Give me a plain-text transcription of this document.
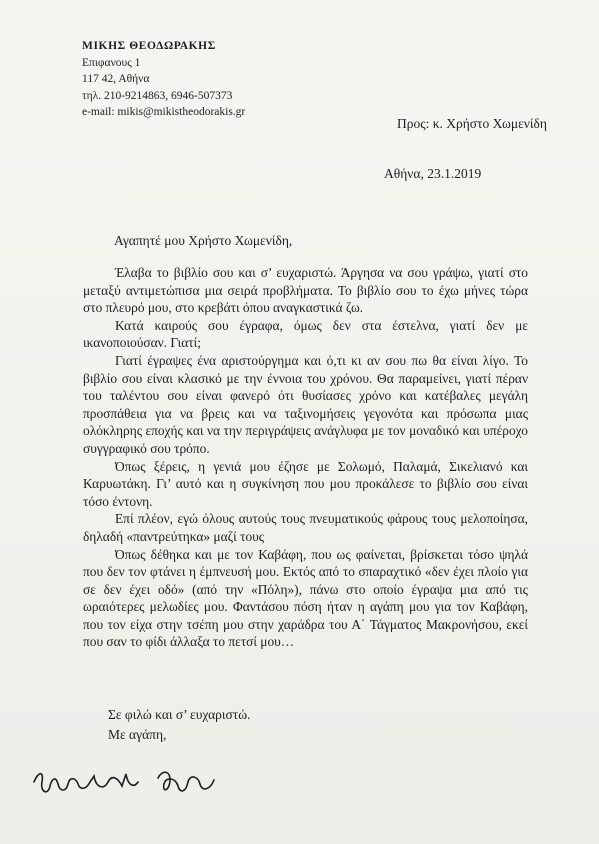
ΜΙΚΗΣ ΘΕΟΔΩΡΑΚΗΣ
Επιφανους 1
117 42, Αθήνα
τηλ. 210-9214863, 6946-507373
e-mail: mikis@mikistheodorakis.gr
Προς: κ. Χρήστο Χωμενίδη
Αθήνα, 23.1.2019
Αγαπητέ μου Χρήστο Χωμενίδη,

Έλαβα το βιβλίο σου και σ’ ευχαριστώ. Άργησα να σου γράψω, γιατί στο μεταξύ αντιμετώπισα μια σειρά προβλήματα. Το βιβλίο σου το έχω μήνες τώρα στο πλευρό μου, στο κρεβάτι όπου αναγκαστικά ζω.

Κατά καιρούς σου έγραφα, όμως δεν στα έστελνα, γιατί δεν με ικανοποιούσαν. Γιατί;

Γιατί έγραψες ένα αριστούργημα και ό,τι κι αν σου πω θα είναι λίγο. Το βιβλίο σου είναι κλασικό με την έννοια του χρόνου. Θα παραμείνει, γιατί πέραν του ταλέντου σου είναι φανερό ότι θυσίασες χρόνο και κατέβαλες μεγάλη προσπάθεια για να βρεις και να ταξινομήσεις γεγονότα και πρόσωπα μιας ολόκληρης εποχής και να την περιγράψεις ανάγλυφα με τον μοναδικό και υπέροχο συγγραφικό σου τρόπο.

Όπως ξέρεις, η γενιά μου έζησε με Σολωμό, Παλαμά, Σικελιανό και Καρυωτάκη. Γι’ αυτό και η συγκίνηση που μου προκάλεσε το βιβλίο σου είναι τόσο έντονη.

Επί πλέον, εγώ όλους αυτούς τους πνευματικούς φάρους τους μελοποίησα, δηλαδή «παντρεύτηκα» μαζί τους

Όπως δέθηκα και με τον Καβάφη, που ως φαίνεται, βρίσκεται τόσο ψηλά που δεν τον φτάνει η έμπνευσή μου. Εκτός από το σπαραχτικό «δεν έχει πλοίο για σε δεν έχει οδό» (από την «Πόλη»), πάνω στο οποίο έγραψα μια από τις ωραιότερες μελωδίες μου. Φαντάσου πόση ήταν η αγάπη μου για τον Καβάφη, που τον είχα στην τσέπη μου στην χαράδρα του Α΄ Τάγματος Μακρονήσου, εκεί που σαν το φίδι άλλαξα το πετσί μου…

Σε φιλώ και σ’ ευχαριστώ.
Με αγάπη,
